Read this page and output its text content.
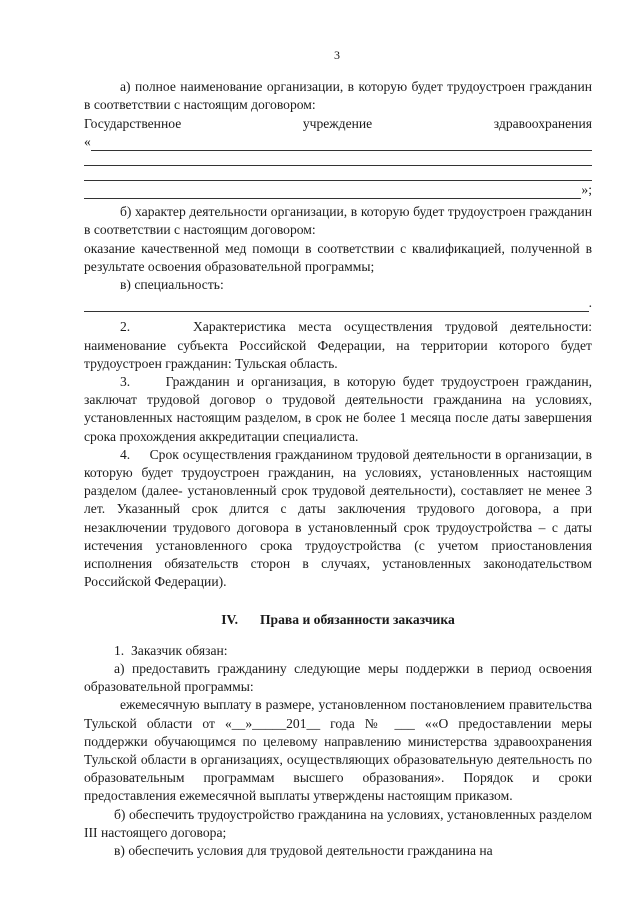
3

а) полное наименование организации, в которую будет трудоустроен гражданин в соответствии с настоящим договором:

Государственное	учреждение	здравоохранения
«
»;

б) характер деятельности организации, в которую будет трудоустроен гражданин в соответствии с настоящим договором:

оказание качественной мед помощи в соответствии с квалификацией, полученной в результате освоения образовательной программы;

в) специальность:

.

2.     Характеристика места осуществления трудовой деятельности: наименование субъекта Российской Федерации, на территории которого будет трудоустроен гражданин: Тульская область.

3.     Гражданин и организация, в которую будет трудоустроен гражданин, заключат трудовой договор о трудовой деятельности гражданина на условиях, установленных настоящим разделом, в срок не более 1 месяца после даты завершения срока прохождения аккредитации специалиста.

4.     Срок осуществления гражданином трудовой деятельности в организации, в которую будет трудоустроен гражданин, на условиях, установленных настоящим разделом (далее- установленный срок трудовой деятельности), составляет не менее 3 лет. Указанный срок длится с даты заключения трудового договора, а при незаключении трудового договора в установленный срок трудоустройства – с даты истечения установленного срока трудоустройства (с учетом приостановления исполнения обязательств сторон в случаях, установленных законодательством Российской Федерации).

IV. Права и обязанности заказчика

1.  Заказчик обязан:

а) предоставить гражданину следующие меры поддержки в период освоения образовательной программы:

ежемесячную выплату в размере, установленном постановлением правительства Тульской области от «__»_____201__ года № ___ ««О предоставлении меры поддержки обучающимся по целевому направлению министерства здравоохранения Тульской области в организациях, осуществляющих образовательную деятельность по образовательным программам высшего образования». Порядок и сроки предоставления ежемесячной выплаты утверждены настоящим приказом.

б) обеспечить трудоустройство гражданина на условиях, установленных разделом III настоящего договора;

в) обеспечить условия для трудовой деятельности гражданина на
